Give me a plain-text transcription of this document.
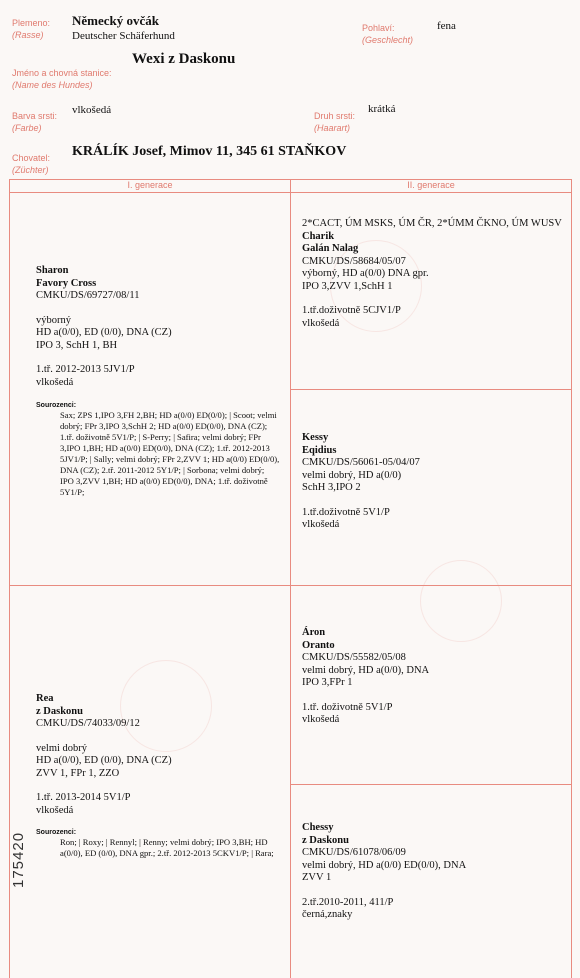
Plemeno:
(Rasse)
Německý ovčák
Deutscher Schäferhund
Pohlaví:
(Geschlecht)
fena
Jméno a chovná stanice:
(Name des Hundes)
Wexi z Daskonu
Barva srsti:
(Farbe)
vlkošedá	Druh srsti:
(Haarart)
krátká
Chovatel:
(Züchter)
KRÁLÍK Josef, Mimov 11, 345 61 STAŇKOV
I. generace	II. generace
Sharon
Favory Cross
CMKU/DS/69727/08/11
výborný
HD a(0/0), ED (0/0), DNA (CZ)
IPO 3, SchH 1, BH
1.tř. 2012-2013 5JV1/P
vlkošedá
Sourozenci:
Sax; ZPS 1,IPO 3,FH 2,BH; HD a(0/0) ED(0/0); | Scoot; velmi dobrý; FPr 3,IPO 3,SchH 2; HD a(0/0) ED(0/0), DNA (CZ); 1.tř. doživotně 5V1/P; | S-Perry; | Safira; velmi dobrý; FPr 3,IPO 1,BH; HD a(0/0) ED(0/0), DNA (CZ); 1.tř. 2012-2013 5JV1/P; | Sally; velmi dobrý; FPr 2,ZVV 1; HD a(0/0) ED(0/0), DNA (CZ); 2.tř. 2011-2012 5Y1/P; | Sorbona; velmi dobrý; IPO 3,ZVV 1,BH; HD a(0/0) ED(0/0), DNA; 1.tř. doživotně 5Y1/P;
2*CACT, ÚM MSKS, ÚM ČR, 2*ÚMM ČKNO, ÚM WUSV
Charik
Galán Nalag
CMKU/DS/58684/05/07
výborný, HD a(0/0) DNA gpr.
IPO 3,ZVV 1,SchH 1
1.tř.doživotně 5CJV1/P
vlkošedá
Kessy
Eqidius
CMKU/DS/56061-05/04/07
velmi dobrý, HD a(0/0)
SchH 3,IPO 2
1.tř.doživotně 5V1/P
vlkošedá
Rea
z Daskonu
CMKU/DS/74033/09/12
velmi dobrý
HD a(0/0), ED (0/0), DNA (CZ)
ZVV 1, FPr 1, ZZO
1.tř. 2013-2014 5V1/P
vlkošedá
Sourozenci:
Ron; | Roxy; | Rennyl; | Renny; velmi dobrý; IPO 3,BH; HD a(0/0), ED (0/0), DNA gpr.; 2.tř. 2012-2013 5CKV1/P; | Rara;
Áron
Oranto
CMKU/DS/55582/05/08
velmi dobrý, HD a(0/0), DNA
IPO 3,FPr 1
1.tř. doživotně 5V1/P
vlkošedá
Chessy
z Daskonu
CMKU/DS/61078/06/09
velmi dobrý, HD a(0/0) ED(0/0), DNA
ZVV 1
2.tř.2010-2011, 411/P
černá,znaky
175420
